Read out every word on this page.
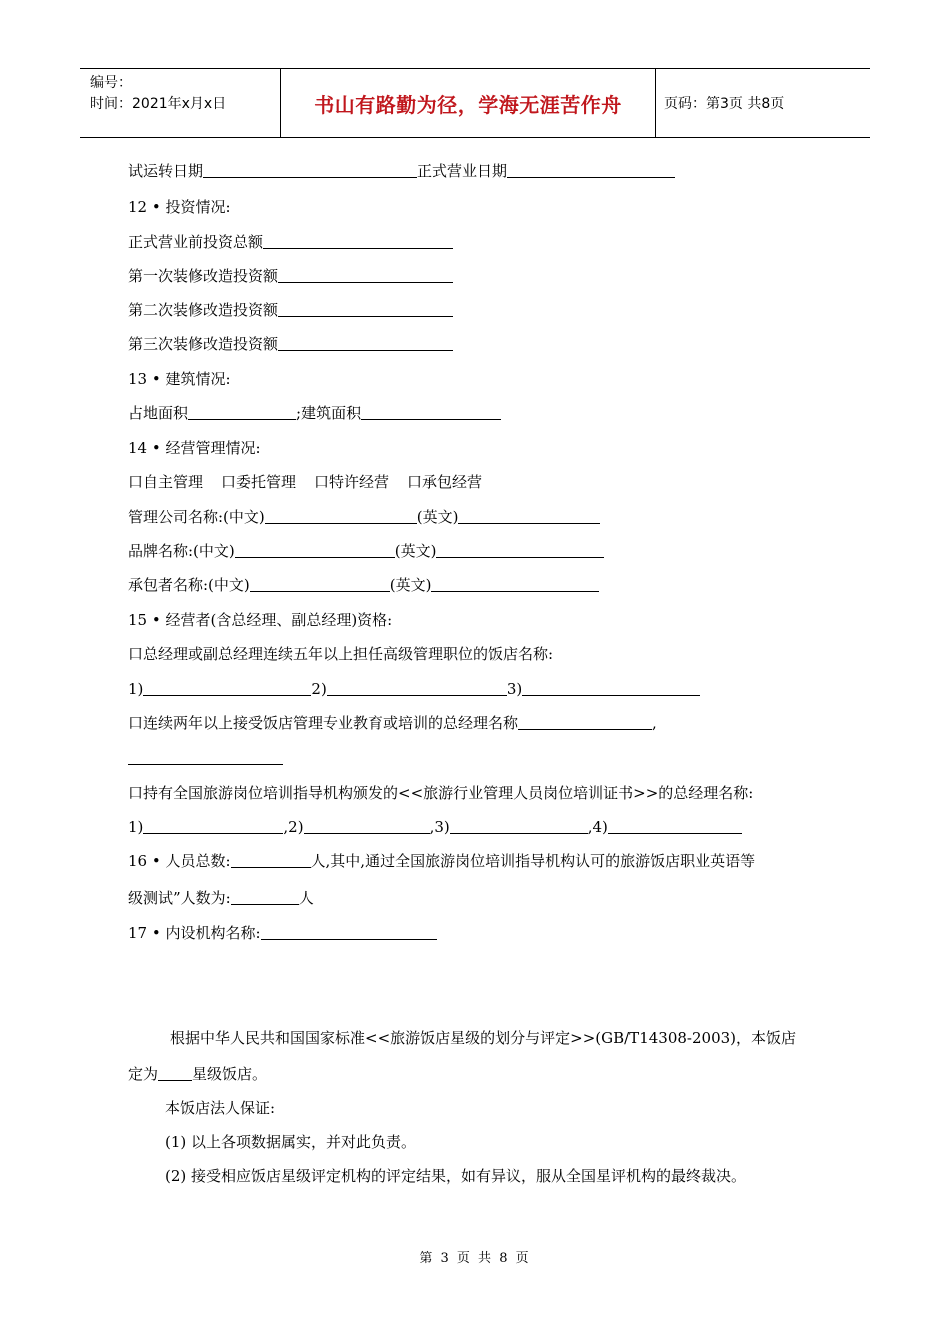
编号：
时间：2021年x月x日	书山有路勤为径，学海无涯苦作舟	页码：第3页 共8页
试运转日期	正式营业日期
12 • 投资情况:
正式营业前投资总额
第一次装修改造投资额
第二次装修改造投资额
第三次装修改造投资额
13 • 建筑情况:
占地面积	;建筑面积
14 • 经营管理情况:
口自主管理 口委托管理 口特许经营 口承包经营
管理公司名称:(中文)	(英文)
品牌名称:(中文)	(英文)
承包者名称:(中文)	(英文)
15 • 经营者(含总经理、副总经理)资格:
口总经理或副总经理连续五年以上担任高级管理职位的饭店名称:
1)	2)	3)
口连续两年以上接受饭店管理专业教育或培训的总经理名称	,
口持有全国旅游岗位培训指导机构颁发的<<旅游行业管理人员岗位培训证书>>的总经理名称:
1)	,2)	,3)	,4)
16 • 人员总数:	人,其中,通过全国旅游岗位培训指导机构认可的旅游饭店职业英语等
级测试”人数为:	人
17 • 内设机构名称:
根据中华人民共和国国家标准<<旅游饭店星级的划分与评定>>(GB/T14308-2003)，本饭店
定为 星级饭店。
本饭店法人保证:
(1) 以上各项数据属实，并对此负责。
(2) 接受相应饭店星级评定机构的评定结果，如有异议，服从全国星评机构的最终裁决。
第 3 页 共 8 页
